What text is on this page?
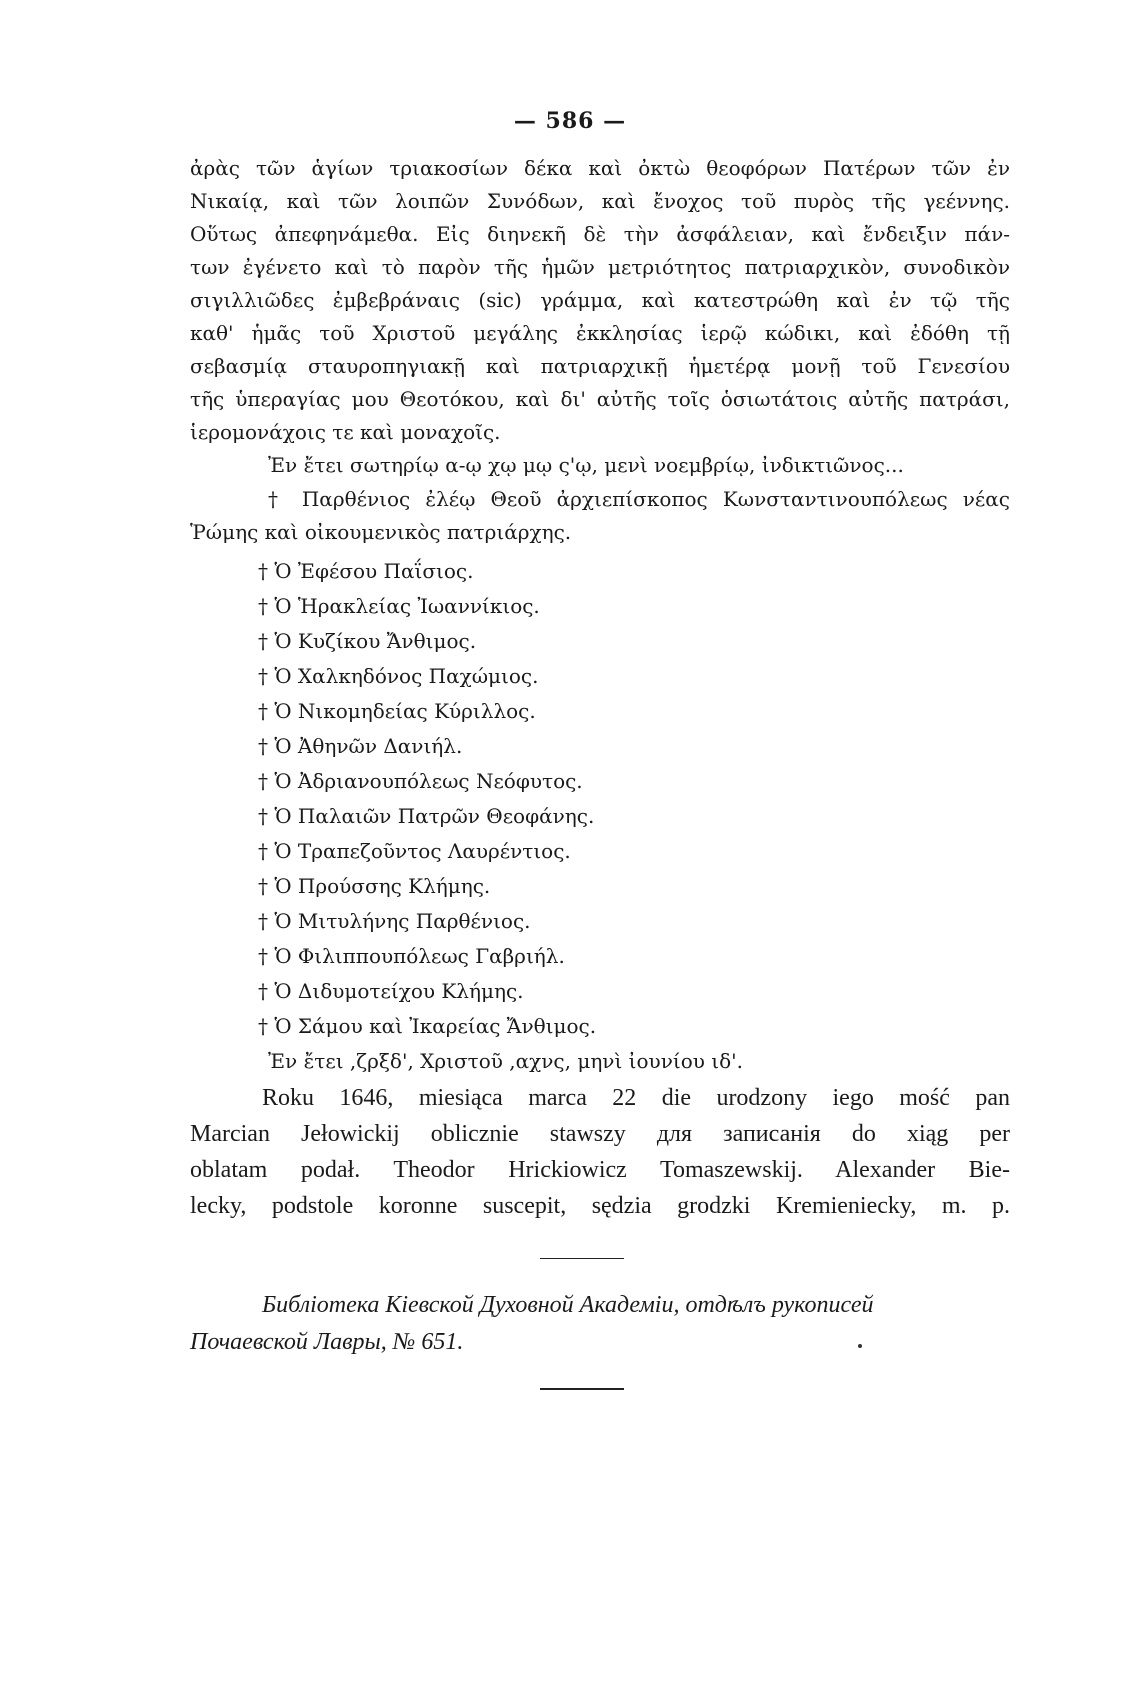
— 586 —
ἀρὰς τῶν ἁγίων τριακοσίων δέκα καὶ ὀκτὼ θεοφόρων Πατέρων τῶν ἐν
Νικαίᾳ, καὶ τῶν λοιπῶν Συνόδων, καὶ ἔνοχος τοῦ πυρὸς τῆς γεέννης.
Οὕτως ἀπεφηνάμεθα. Εἰς διηνεκῆ δὲ τὴν ἀσφάλειαν, καὶ ἔνδειξιν πάν-
των ἐγένετο καὶ τὸ παρὸν τῆς ἡμῶν μετριότητος πατριαρχικὸν, συνοδικὸν
σιγιλλιῶδες ἐμβεβράναις (sic) γράμμα, καὶ κατεστρώθη καὶ ἐν τῷ τῆς
καθ' ἡμᾶς τοῦ Χριστοῦ μεγάλης ἐκκλησίας ἱερῷ κώδικι, καὶ ἐδόθη τῇ
σεβασμίᾳ σταυροπηγιακῇ καὶ πατριαρχικῇ ἡμετέρᾳ μονῇ τοῦ Γενεσίου
τῆς ὑπεραγίας μου Θεοτόκου, καὶ δι' αὐτῆς τοῖς ὁσιωτάτοις αὐτῆς πατράσι,
ἱερομονάχοις τε καὶ μοναχοῖς.
Ἐν ἔτει σωτηρίῳ α-ῳ χῳ μῳ ς'ῳ, μενὶ νοεμβρίῳ, ἰνδικτιῶνος...
† Παρθένιος ἐλέῳ Θεοῦ ἀρχιεπίσκοπος Κωνσταντινουπόλεως νέας
Ῥώμης καὶ οἰκουμενικὸς πατριάρχης.
† Ὁ Ἐφέσου Παΐσιος.
† Ὁ Ἡρακλείας Ἰωαννίκιος.
† Ὁ Κυζίκου Ἄνθιμος.
† Ὁ Χαλκηδόνος Παχώμιος.
† Ὁ Νικομηδείας Κύριλλος.
† Ὁ Ἀθηνῶν Δανιήλ.
† Ὁ Ἀδριανουπόλεως Νεόφυτος.
† Ὁ Παλαιῶν Πατρῶν Θεοφάνης.
† Ὁ Τραπεζοῦντος Λαυρέντιος.
† Ὁ Προύσσης Κλήμης.
† Ὁ Μιτυλήνης Παρθένιος.
† Ὁ Φιλιππουπόλεως Γαβριήλ.
† Ὁ Διδυμοτείχου Κλήμης.
† Ὁ Σάμου καὶ Ἰκαρείας Ἄνθιμος.
Ἐν ἔτει ,ζρξδ', Χριστοῦ ,αχνς, μηνὶ ἰουνίου ιδ'.
Roku 1646, miesiąca marca 22 die urodzony iego mość pan
Marcian Jełowickij oblicznie stawszy для записанія do xiąg per
oblatam podał. Theodor Hrickiowicz Tomaszewskij. Alexander Bie-
lecky, podstole koronne suscepit, sędzia grodzki Kremieniecky, m. p.
Библіотека Кіевской Духовной Академіи, отдѣлъ рукописей
Почаевской Лавры, № 651.
